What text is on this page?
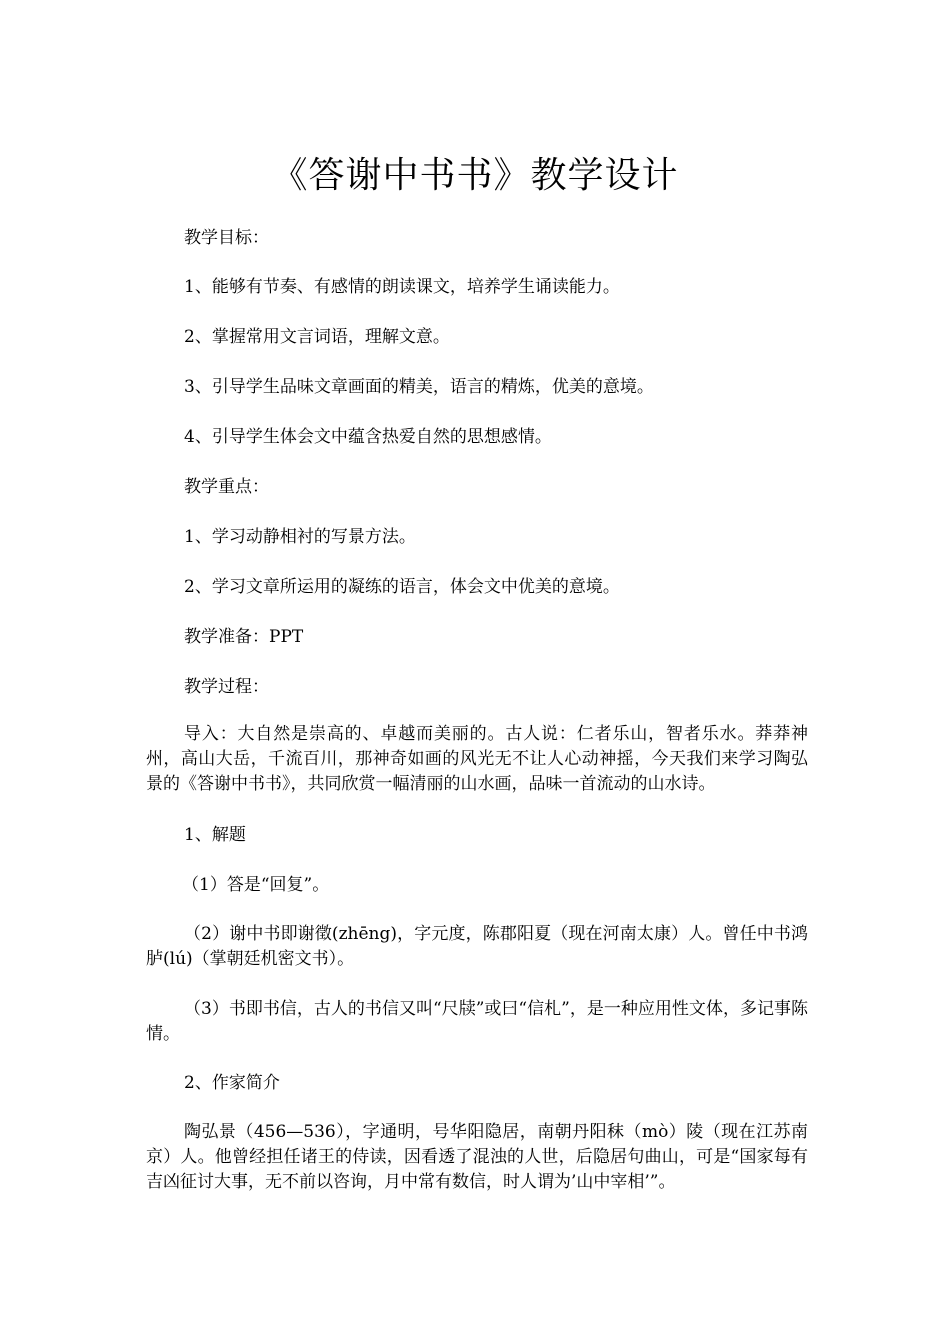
《答谢中书书》教学设计

教学目标：

1、能够有节奏、有感情的朗读课文，培养学生诵读能力。

2、掌握常用文言词语，理解文意。

3、引导学生品味文章画面的精美，语言的精炼，优美的意境。

4、引导学生体会文中蕴含热爱自然的思想感情。

教学重点：

1、学习动静相衬的写景方法。

2、学习文章所运用的凝练的语言，体会文中优美的意境。

教学准备：PPT

教学过程：

导入：大自然是崇高的、卓越而美丽的。古人说：仁者乐山，智者乐水。莽莽神州，高山大岳，千流百川，那神奇如画的风光无不让人心动神摇，今天我们来学习陶弘景的《答谢中书书》，共同欣赏一幅清丽的山水画，品味一首流动的山水诗。

1、解题

（1）答是“回复”。

（2）谢中书即谢徵(zhēng)，字元度，陈郡阳夏（现在河南太康）人。曾任中书鸿胪(lú)（掌朝廷机密文书）。

（3）书即书信，古人的书信又叫“尺牍”或曰“信札”，是一种应用性文体，多记事陈情。

2、作家简介

陶弘景（456—536），字通明，号华阳隐居，南朝丹阳秣（mò）陵（现在江苏南京）人。他曾经担任诸王的侍读，因看透了混浊的人世，后隐居句曲山，可是“国家每有吉凶征讨大事，无不前以咨询，月中常有数信，时人谓为’山中宰相’”。
